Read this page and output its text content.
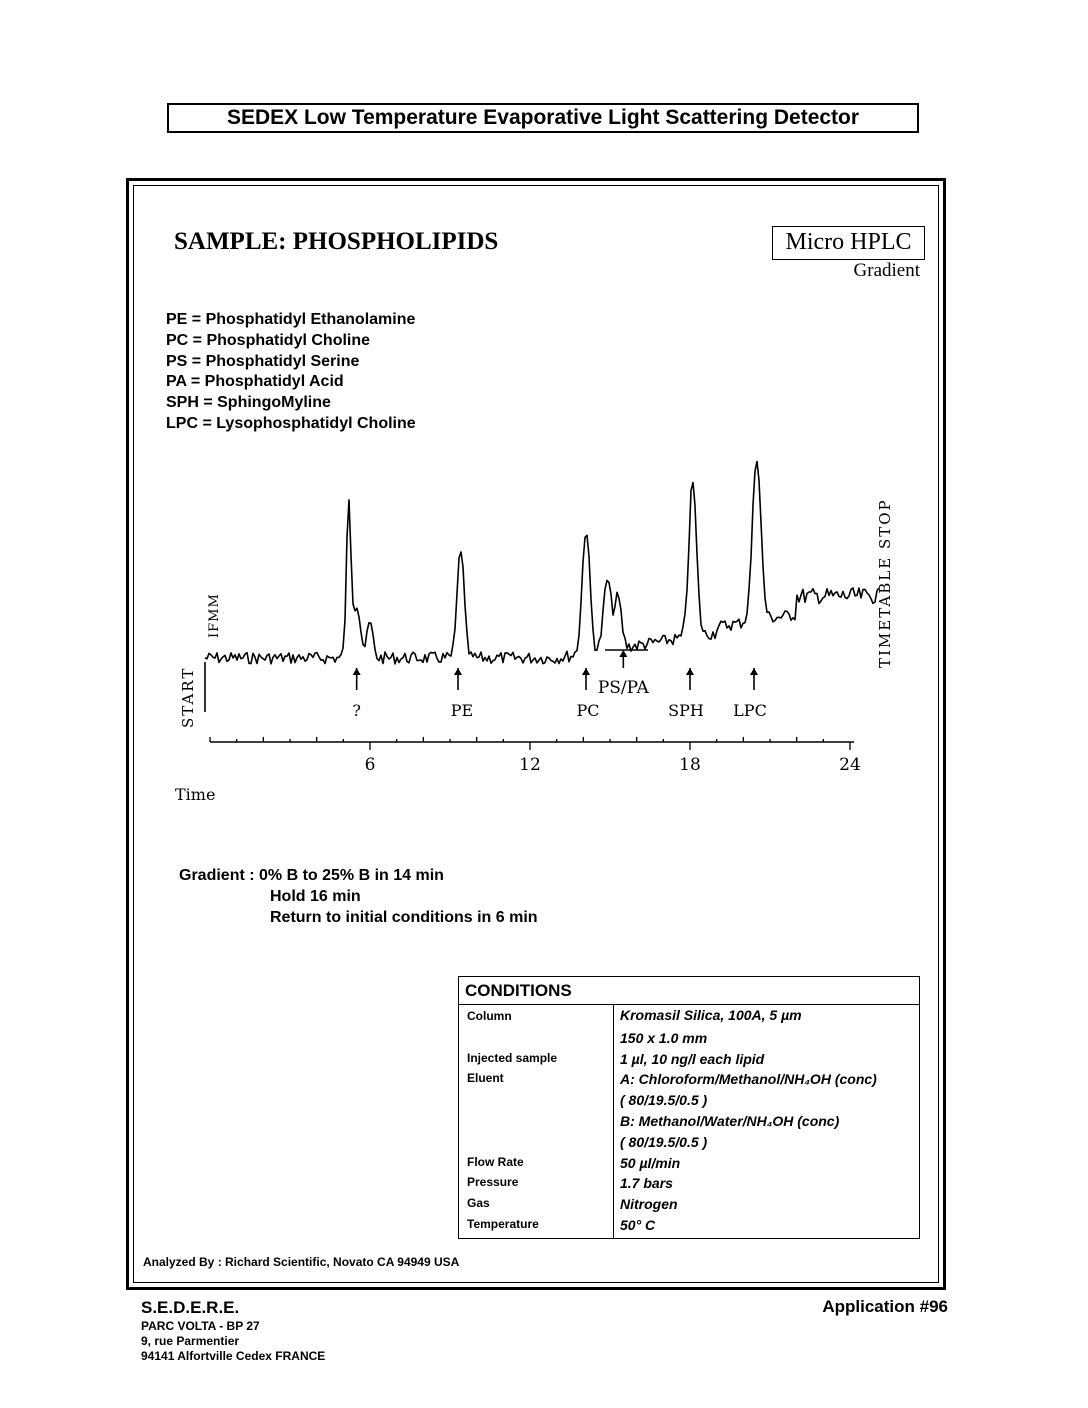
SEDEX Low Temperature Evaporative Light Scattering Detector
SAMPLE: PHOSPHOLIPIDS	Micro HPLC
Gradient
PE = Phosphatidyl Ethanolamine
PC = Phosphatidyl Choline
PS = Phosphatidyl Serine
PA = Phosphatidyl Acid
SPH = SphingoMyline
LPC = Lysophosphatidyl Choline
START
IFMM	TIMETABLE STOP
?	PE	PC
PS/PA
SPH LPC
6	12	18	24
Time
Gradient : 0% B to 25% B in 14 min
Hold 16 min
Return to initial conditions in 6 min
CONDITIONS	
Column	Kromasil Silica, 100A, 5 µm
	150 x 1.0 mm
Injected sample	1 µl, 10 ng/l each lipid
Eluent	A: Chloroform/Methanol/NH₄OH (conc)
	( 80/19.5/0.5 )
	B: Methanol/Water/NH₄OH (conc)
	( 80/19.5/0.5 )
Flow Rate	50 µl/min
Pressure	1.7 bars
Gas	Nitrogen
Temperature	50° C
Analyzed By : Richard Scientific, Novato CA 94949 USA
S.E.D.E.R.E.
PARC VOLTA - BP 27
9, rue Parmentier
94141 Alfortville Cedex FRANCE
Application #96
